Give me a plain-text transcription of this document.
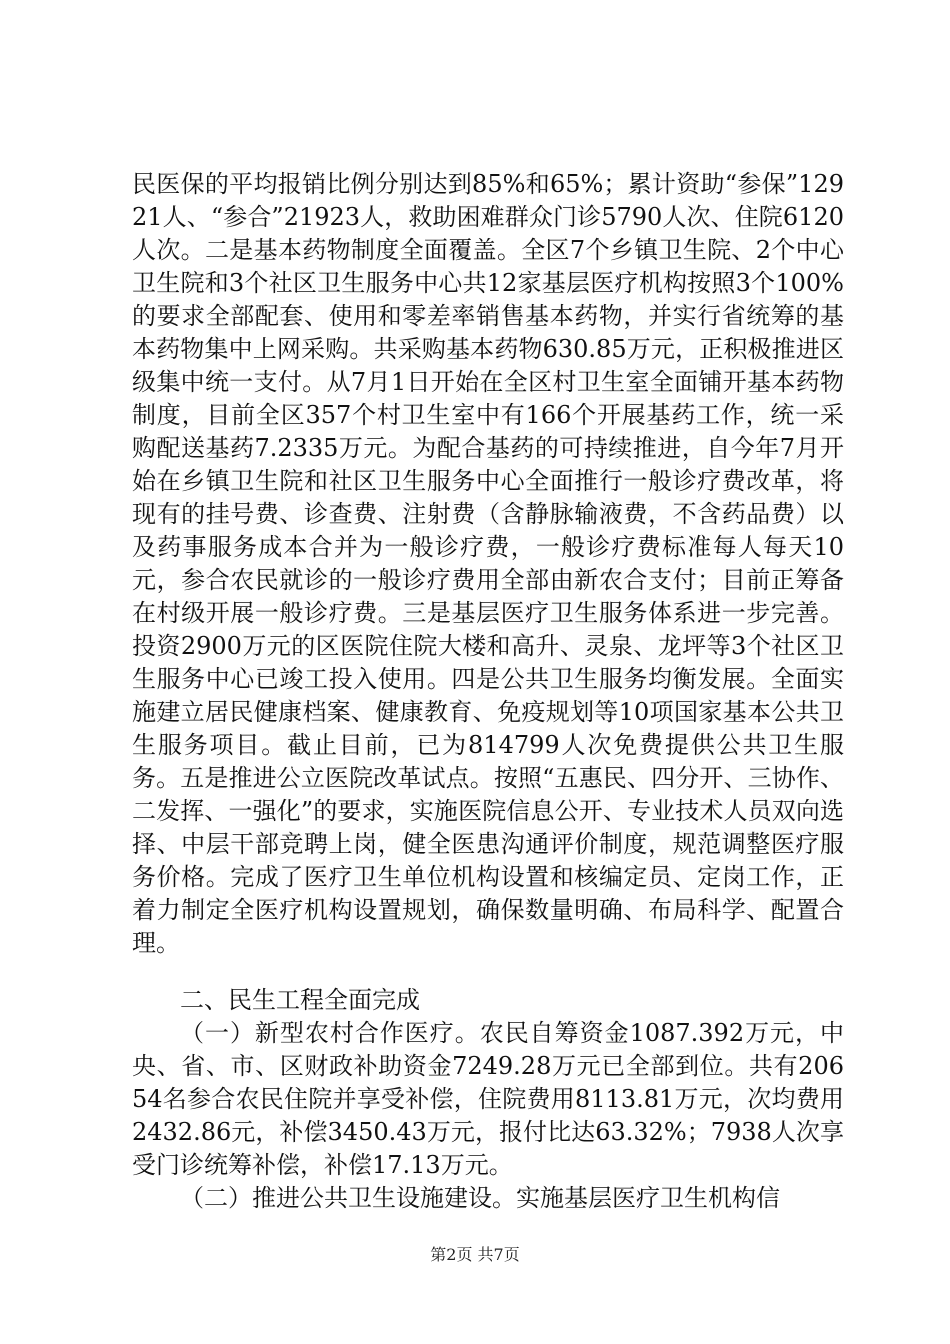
民医保的平均报销比例分别达到85%和65%；累计资助“参保”12921人、“参合”21923人，救助困难群众门诊5790人次、住院6120人次。二是基本药物制度全面覆盖。全区7个乡镇卫生院、2个中心卫生院和3个社区卫生服务中心共12家基层医疗机构按照3个100%的要求全部配套、使用和零差率销售基本药物，并实行省统筹的基本药物集中上网采购。共采购基本药物630.85万元，正积极推进区级集中统一支付。从7月1日开始在全区村卫生室全面铺开基本药物制度，目前全区357个村卫生室中有166个开展基药工作，统一采购配送基药7.2335万元。为配合基药的可持续推进，自今年7月开始在乡镇卫生院和社区卫生服务中心全面推行一般诊疗费改革，将现有的挂号费、诊查费、注射费（含静脉输液费，不含药品费）以及药事服务成本合并为一般诊疗费，一般诊疗费标准每人每天10元，参合农民就诊的一般诊疗费用全部由新农合支付；目前正筹备在村级开展一般诊疗费。三是基层医疗卫生服务体系进一步完善。投资2900万元的区医院住院大楼和高升、灵泉、龙坪等3个社区卫生服务中心已竣工投入使用。四是公共卫生服务均衡发展。全面实施建立居民健康档案、健康教育、免疫规划等10项国家基本公共卫生服务项目。截止目前，已为814799人次免费提供公共卫生服务。五是推进公立医院改革试点。按照“五惠民、四分开、三协作、二发挥、一强化”的要求，实施医院信息公开、专业技术人员双向选择、中层干部竞聘上岗，健全医患沟通评价制度，规范调整医疗服务价格。完成了医疗卫生单位机构设置和核编定员、定岗工作，正着力制定全医疗机构设置规划，确保数量明确、布局科学、配置合理。

二、民生工程全面完成

（一）新型农村合作医疗。农民自筹资金1087.392万元，中央、省、市、区财政补助资金7249.28万元已全部到位。共有20654名参合农民住院并享受补偿，住院费用8113.81万元，次均费用2432.86元，补偿3450.43万元，报付比达63.32%；7938人次享受门诊统筹补偿，补偿17.13万元。

（二）推进公共卫生设施建设。实施基层医疗卫生机构信

第2页 共7页
